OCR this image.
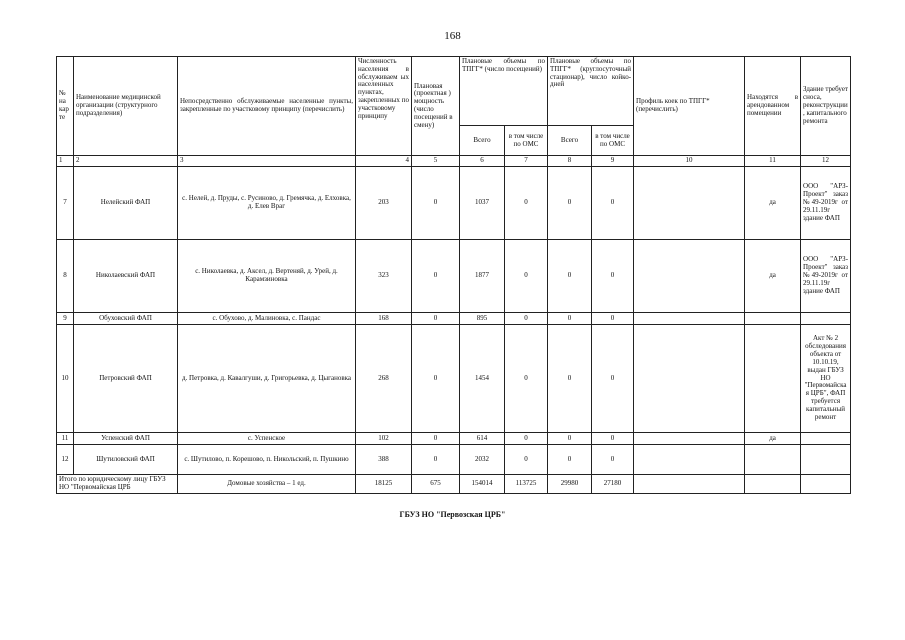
168
№ на кар те	Наименование медицинской организации (структурного подразделения)	Непосредственно обслуживаемые населенные пункты, закрепленные по участковому принципу (перечислить)	Численность населения в обслуживаем ых населенных пунктах, закрепленных по участковому принципу	Плановая (проектная ) мощность (число посещений в смену)	Плановые объемы по ТПГГ* (число посещений)		Плановые объемы по ТПГГ* (круглосуточный стационар), число койко-дней		Профиль коек по ТПГГ* (перечислить)	Находятся в арендованном помещении	Здание требует сноса, реконструкции , капитального ремонта
					Всего	в том числе по ОМС	Всего	в том числе по ОМС			
1	2	3	4	5	6	7	8	9	10	11	12
7	Нелейский ФАП	с. Нелей, д. Пруды, с. Русиново, д. Гремячка, д. Елховка, д. Елев Враг	203	0	1037	0	0	0		да	ООО "АРЗ-Проект" заказ №49-2019г от 29.11.19г здание ФАП
8	Николаевский ФАП	с. Николаевка, д. Аксел, д. Вертеняй, д. Урей, д. Карамзиновка	323	0	1877	0	0	0		да	ООО "АРЗ-Проект" заказ №49-2019г от 29.11.19г здание ФАП
9	Обуховский ФАП	с. Обухово, д. Малиновка, с. Пандас	168	0	895	0	0	0			
10	Петровский ФАП	д. Петровка, д. Кавалгуши, д. Григорьевка, д. Цыгановка	268	0	1454	0	0	0			Акт № 2 обследования объекта от 10.10.19, выдан ГБУЗ НО "Первомайская ЦРБ", ФАП требуется капитальный ремонт
11	Успенский ФАП	с. Успенское	102	0	614	0	0	0		да	
12	Шутиловский ФАП	с. Шутилово, п. Корешово, п. Никольский, п. Пушкино	388	0	2032	0	0	0			
Итого по юридическому лицу ГБУЗ НО "Первомайская ЦРБ		Домовые хозяйства – 1 ед.	18125	675	154014	113725	29980	27180			
ГБУЗ НО "Первозская ЦРБ"
